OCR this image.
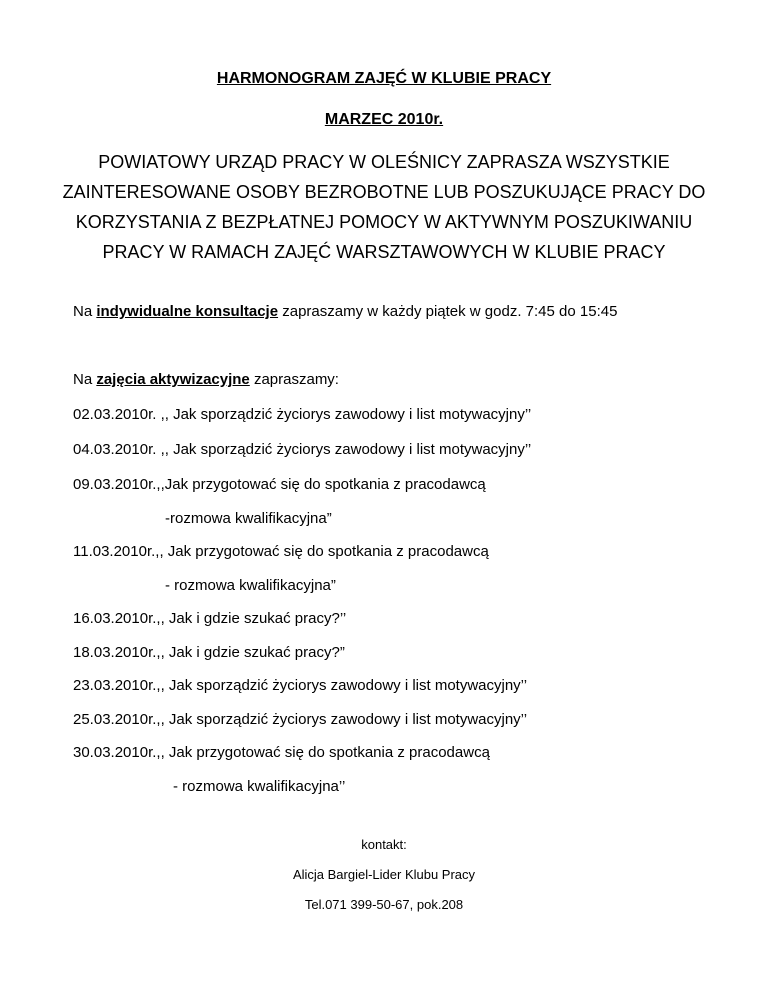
HARMONOGRAM ZAJĘĆ W KLUBIE PRACY
MARZEC 2010r.
POWIATOWY URZĄD PRACY W OLEŚNICY ZAPRASZA WSZYSTKIE
ZAINTERESOWANE OSOBY BEZROBOTNE LUB POSZUKUJĄCE PRACY DO
KORZYSTANIA Z BEZPŁATNEJ POMOCY W AKTYWNYM POSZUKIWANIU
PRACY W RAMACH ZAJĘĆ WARSZTAWOWYCH W KLUBIE PRACY
Na indywidualne konsultacje zapraszamy w każdy piątek w godz. 7:45 do 15:45
Na zajęcia aktywizacyjne zapraszamy:
02.03.2010r. ,, Jak sporządzić życiorys zawodowy i list motywacyjny’’
04.03.2010r. ,, Jak sporządzić życiorys zawodowy i list motywacyjny’’
09.03.2010r.,,Jak przygotować się do spotkania z pracodawcą
-rozmowa kwalifikacyjna”
11.03.2010r.,, Jak przygotować się do spotkania z pracodawcą
- rozmowa kwalifikacyjna”
16.03.2010r.,, Jak i gdzie szukać pracy?’’
18.03.2010r.,, Jak i gdzie szukać pracy?”
23.03.2010r.,, Jak sporządzić życiorys zawodowy i list motywacyjny’’
25.03.2010r.,, Jak sporządzić życiorys zawodowy i list motywacyjny’’
30.03.2010r.,, Jak przygotować się do spotkania z pracodawcą
- rozmowa kwalifikacyjna’’
kontakt:
Alicja Bargiel-Lider Klubu Pracy
Tel.071 399-50-67, pok.208
